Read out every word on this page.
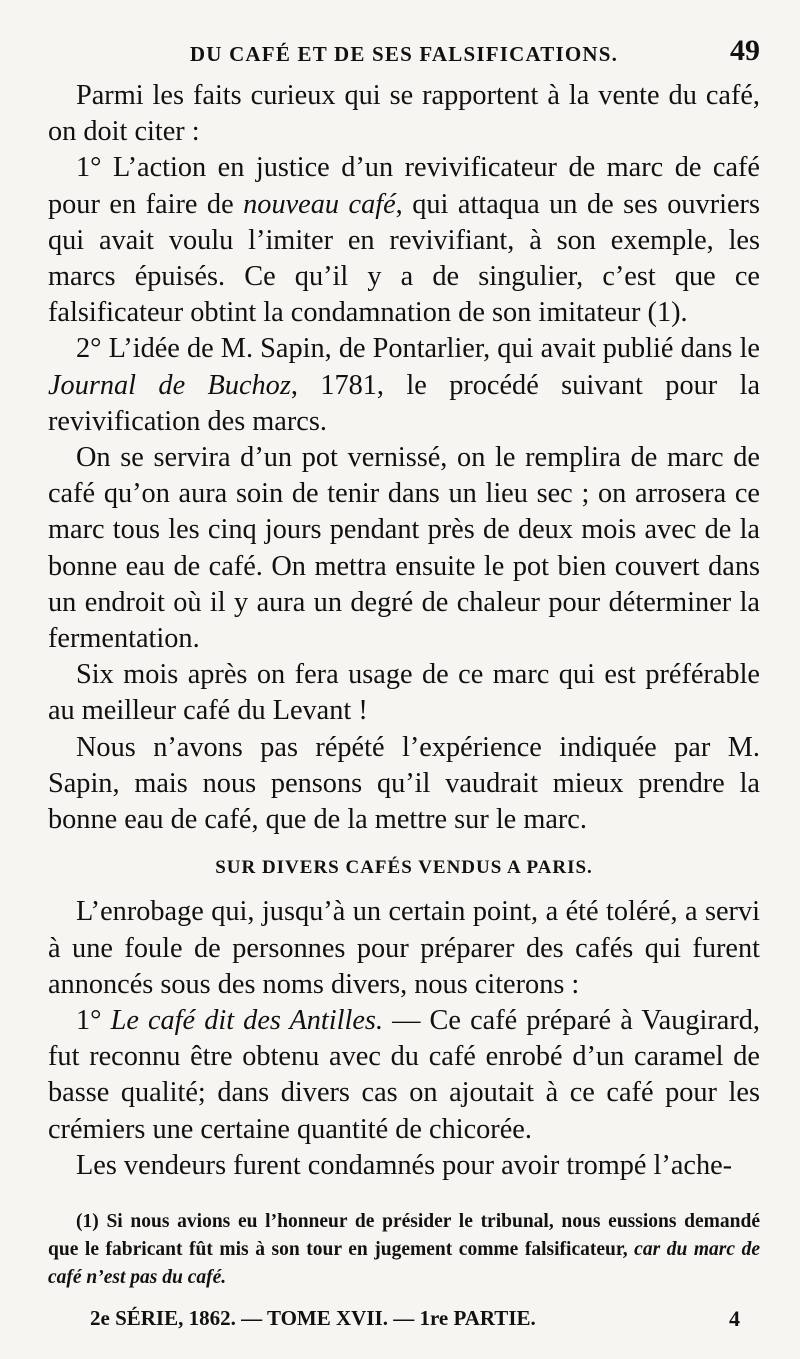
DU CAFÉ ET DE SES FALSIFICATIONS.	49

Parmi les faits curieux qui se rapportent à la vente du café, on doit citer :

1° L’action en justice d’un revivificateur de marc de café pour en faire de nouveau café, qui attaqua un de ses ouvriers qui avait voulu l’imiter en revivifiant, à son exemple, les marcs épuisés. Ce qu’il y a de singulier, c’est que ce falsificateur obtint la condamnation de son imitateur (1).

2° L’idée de M. Sapin, de Pontarlier, qui avait publié dans le Journal de Buchoz, 1781, le procédé suivant pour la revivification des marcs.

On se servira d’un pot vernissé, on le remplira de marc de café qu’on aura soin de tenir dans un lieu sec ; on arrosera ce marc tous les cinq jours pendant près de deux mois avec de la bonne eau de café. On mettra ensuite le pot bien couvert dans un endroit où il y aura un degré de chaleur pour déterminer la fermentation.

Six mois après on fera usage de ce marc qui est préférable au meilleur café du Levant !

Nous n’avons pas répété l’expérience indiquée par M. Sapin, mais nous pensons qu’il vaudrait mieux prendre la bonne eau de café, que de la mettre sur le marc.

SUR DIVERS CAFÉS VENDUS A PARIS.

L’enrobage qui, jusqu’à un certain point, a été toléré, a servi à une foule de personnes pour préparer des cafés qui furent annoncés sous des noms divers, nous citerons :

1° Le café dit des Antilles. — Ce café préparé à Vaugirard, fut reconnu être obtenu avec du café enrobé d’un caramel de basse qualité; dans divers cas on ajoutait à ce café pour les crémiers une certaine quantité de chicorée.

Les vendeurs furent condamnés pour avoir trompé l’ache-

(1) Si nous avions eu l’honneur de présider le tribunal, nous eussions demandé que le fabricant fût mis à son tour en jugement comme falsificateur, car du marc de café n’est pas du café.

2e SÉRIE, 1862. — TOME XVII. — 1re PARTIE.	4
